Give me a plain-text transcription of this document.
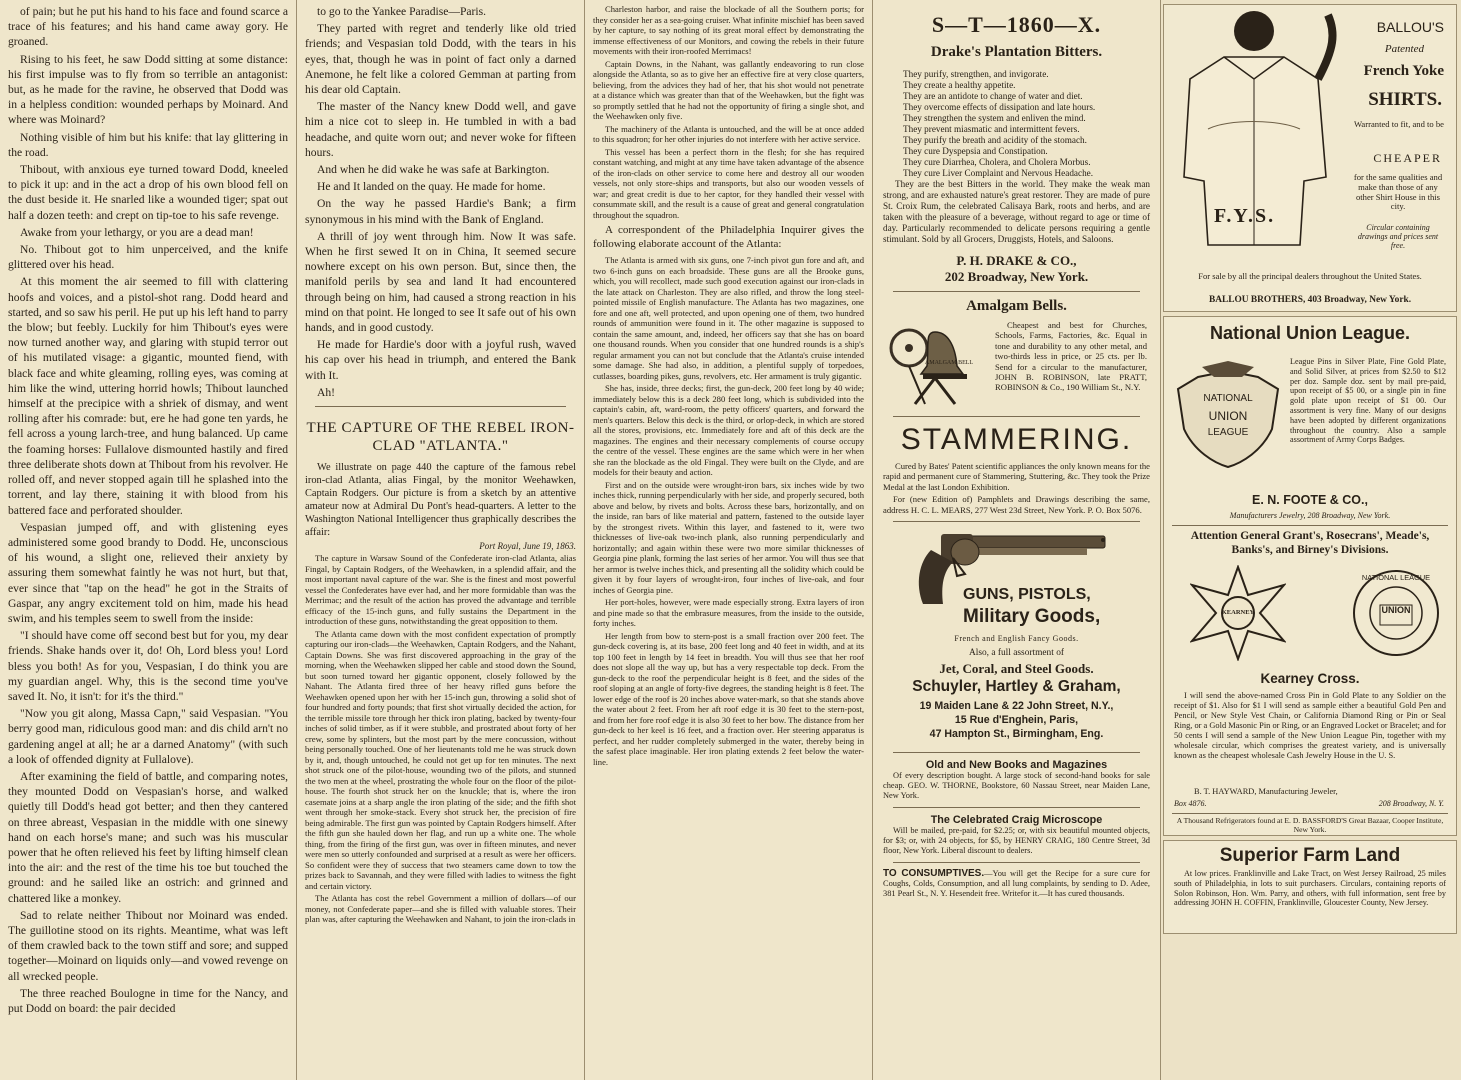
of pain; but he put his hand to his face and found scarce a trace of his features; and his hand came away gory. He groaned.

Rising to his feet, he saw Dodd sitting at some distance: his first impulse was to fly from so terrible an antagonist: but, as he made for the ravine, he observed that Dodd was in a helpless condition: wounded perhaps by Moinard. And where was Moinard?

Nothing visible of him but his knife: that lay glittering in the road.

Thibout, with anxious eye turned toward Dodd, kneeled to pick it up: and in the act a drop of his own blood fell on the dust beside it. He snarled like a wounded tiger; spat out half a dozen teeth: and crept on tip-toe to his safe revenge.

Awake from your lethargy, or you are a dead man!

No. Thibout got to him unperceived, and the knife glittered over his head.

At this moment the air seemed to fill with clattering hoofs and voices, and a pistol-shot rang. Dodd heard and started, and so saw his peril. He put up his left hand to parry the blow; but feebly. Luckily for him Thibout's eyes were now turned another way, and glaring with stupid terror out of his mutilated visage: a gigantic, mounted fiend, with black face and white gleaming, rolling eyes, was coming at him like the wind, uttering horrid howls; Thibout launched himself at the precipice with a shriek of dismay, and went rolling after his comrade: but, ere he had gone ten yards, he fell across a young larch-tree, and hung balanced. Up came the foaming horses: Fullalove dismounted hastily and fired three deliberate shots down at Thibout from his revolver. He rolled off, and never stopped again till he splashed into the torrent, and lay there, staining it with blood from his battered face and perforated shoulder.

Vespasian jumped off, and with glistening eyes administered some good brandy to Dodd. He, unconscious of his wound, a slight one, relieved their anxiety by assuring them somewhat faintly he was not hurt, but that, ever since that "tap on the head" he got in the Straits of Gaspar, any angry excitement told on him, made his head swim, and his temples seem to swell from the inside:

"I should have come off second best but for you, my dear friends. Shake hands over it, do! Oh, Lord bless you! Lord bless you both! As for you, Vespasian, I do think you are my guardian angel. Why, this is the second time you've saved It. No, it isn't: for it's the third."

"Now you git along, Massa Capn," said Vespasian. "You berry good man, ridiculous good man: and dis child arn't no gardening angel at all; he ar a darned Anatomy" (with such a look of offended dignity at Fullalove).

After examining the field of battle, and comparing notes, they mounted Dodd on Vespasian's horse, and walked quietly till Dodd's head got better; and then they cantered on three abreast, Vespasian in the middle with one sinewy hand on each horse's mane; and such was his muscular power that he often relieved his feet by lifting himself clean into the air: and the rest of the time his toe but touched the ground: and he sailed like an ostrich: and grinned and chattered like a monkey.

Sad to relate neither Thibout nor Moinard was ended. The guillotine stood on its rights. Meantime, what was left of them crawled back to the town stiff and sore; and supped together—Moinard on liquids only—and vowed revenge on all wrecked people.

The three reached Boulogne in time for the Nancy, and put Dodd on board: the pair decided

to go to the Yankee Paradise—Paris.

They parted with regret and tenderly like old tried friends; and Vespasian told Dodd, with the tears in his eyes, that, though he was in point of fact only a darned Anemone, he felt like a colored Gemman at parting from his dear old Captain.

The master of the Nancy knew Dodd well, and gave him a nice cot to sleep in. He tumbled in with a bad headache, and quite worn out; and never woke for fifteen hours.

And when he did wake he was safe at Barkington.

He and It landed on the quay. He made for home.

On the way he passed Hardie's Bank; a firm synonymous in his mind with the Bank of England.

A thrill of joy went through him. Now It was safe. When he first sewed It on in China, It seemed secure nowhere except on his own person. But, since then, the manifold perils by sea and land It had encountered through being on him, had caused a strong reaction in his mind on that point. He longed to see It safe out of his own hands, and in good custody.

He made for Hardie's door with a joyful rush, waved his cap over his head in triumph, and entered the Bank with It.

Ah!

THE CAPTURE OF THE REBEL IRON-CLAD "ATLANTA."

We illustrate on page 440 the capture of the famous rebel iron-clad Atlanta, alias Fingal, by the monitor Weehawken, Captain Rodgers. Our picture is from a sketch by an attentive amateur now at Admiral Du Pont's head-quarters. A letter to the Washington National Intelligencer thus graphically describes the affair:

Port Royal, June 19, 1863.

The capture in Warsaw Sound of the Confederate iron-clad Atlanta, alias Fingal, by Captain Rodgers, of the Weehawken, in a splendid affair, and the most important naval capture of the war. She is the finest and most powerful vessel the Confederates have ever had, and her more formidable than was the Merrimac; and the result of the action has proved the advantage and terrible efficacy of the 15-inch guns, and fully sustains the Department in the introduction of these guns, notwithstanding the great opposition to them.

The Atlanta came down with the most confident expectation of promptly capturing our iron-clads—the Weehawken, Captain Rodgers, and the Nahant, Captain Downs. She was first discovered approaching in the gray of the morning, when the Weehawken slipped her cable and stood down the Sound, but soon turned toward her gigantic opponent, closely followed by the Nahant. The Atlanta fired three of her heavy rifled guns before the Weehawken opened upon her with her 15-inch gun, throwing a solid shot of four hundred and forty pounds; that first shot virtually decided the action, for the terrible missile tore through her thick iron plating, backed by twenty-four inches of solid timber, as if it were stubble, and prostrated about forty of her crew, some by splinters, but the most part by the mere concussion, without being personally touched. One of her lieutenants told me he was struck down by it, and, though untouched, he could not get up for ten minutes. The next shot struck one of the pilot-house, wounding two of the pilots, and stunned the two men at the wheel, prostrating the whole four on the floor of the pilot-house. The fourth shot struck her on the knuckle; that is, where the iron casemate joins at a sharp angle the iron plating of the side; and the fifth shot went through her smoke-stack. Every shot struck her, the precision of fire being admirable. The first gun was pointed by Captain Rodgers himself. After the fifth gun she hauled down her flag, and run up a white one. The whole thing, from the firing of the first gun, was over in fifteen minutes, and never were men so utterly confounded and surprised at a result as were her officers. So confident were they of success that two steamers came down to tow the prizes back to Savannah, and they were filled with ladies to witness the fight and certain victory.

The Atlanta has cost the rebel Government a million of dollars—of our money, not Confederate paper—and she is filled with valuable stores. Their plan was, after capturing the Weehawken and Nahant, to join the iron-clads in

Charleston harbor, and raise the blockade of all the Southern ports; for they consider her as a sea-going cruiser. What infinite mischief has been saved by her capture, to say nothing of its great moral effect by demonstrating the immense effectiveness of our Monitors, and cowing the rebels in their future movements with their iron-roofed Merrimacs!

Captain Downs, in the Nahant, was gallantly endeavoring to run close alongside the Atlanta, so as to give her an effective fire at very close quarters, believing, from the advices they had of her, that his shot would not penetrate at a distance which was greater than that of the Weehawken, but the fight was so promptly settled that he had not the opportunity of firing a single shot, and the Weehawken only five.

The machinery of the Atlanta is untouched, and the will be at once added to this squadron; for her other injuries do not interfere with her active service.

This vessel has been a perfect thorn in the flesh; for she has required constant watching, and might at any time have taken advantage of the absence of the iron-clads on other service to come here and destroy all our wooden vessels, not only store-ships and transports, but also our wooden vessels of war; and great credit is due to her captor, for they handled their vessel with consummate skill, and the result is a cause of great and general congratulation throughout the squadron.

A correspondent of the Philadelphia Inquirer gives the following elaborate account of the Atlanta:

The Atlanta is armed with six guns, one 7-inch pivot gun fore and aft, and two 6-inch guns on each broadside. These guns are all the Brooke guns, which, you will recollect, made such good execution against our iron-clads in the late attack on Charleston. They are also rifled, and throw the long steel-pointed missile of English manufacture. The Atlanta has two magazines, one fore and one aft, well protected, and upon opening one of them, two hundred rounds of ammunition were found in it. The other magazine is supposed to contain the same amount, and, indeed, her officers say that she has on board one thousand rounds. When you consider that one hundred rounds is a ship's regular armament you can not but conclude that the Atlanta's cruise intended some damage. She had also, in addition, a plentiful supply of torpedoes, cutlasses, boarding pikes, guns, revolvers, etc. Her armament is truly gigantic.

She has, inside, three decks; first, the gun-deck, 200 feet long by 40 wide; immediately below this is a deck 280 feet long, which is subdivided into the captain's cabin, aft, ward-room, the petty officers' quarters, and forward the men's quarters. Below this deck is the third, or orlop-deck, in which are stored all the stores, provisions, etc. Immediately fore and aft of this deck are the magazines. The engines and their necessary complements of course occupy the centre of the vessel. These engines are the same which were in her when she ran the blockade as the old Fingal. They were built on the Clyde, and are models for their beauty and action.

First and on the outside were wrought-iron bars, six inches wide by two inches thick, running perpendicularly with her side, and properly secured, both above and below, by rivets and bolts. Across these bars, horizontally, and on the inside, ran bars of like material and pattern, fastened to the outside layer by the strongest rivets. Within this layer, and fastened to it, were two thicknesses of live-oak two-inch plank, also running perpendicularly and horizontally; and again within these were two more similar thicknesses of Georgia pine plank, forming the last series of her armor. You will thus see that her armor is twelve inches thick, and presenting all the solidity which could be given it by four layers of wrought-iron, four inches of live-oak, and four inches of Georgia pine.

Her port-holes, however, were made especially strong. Extra layers of iron and pine made so that the embrasure measures, from the inside to the outside, forty inches.

Her length from bow to stern-post is a small fraction over 200 feet. The gun-deck covering is, at its base, 200 feet long and 40 feet in width, and at its top 100 feet in length by 14 feet in breadth. You will thus see that her roof does not slope all the way up, but has a very respectable top deck. From the gun-deck to the roof the perpendicular height is 8 feet, and the sides of the roof sloping at an angle of forty-five degrees, the standing height is 8 feet. The lower edge of the roof is 20 inches above water-mark, so that she stands above the water about 2 feet. From her aft roof edge it is 30 feet to the stern-post, and from her fore roof edge it is also 30 feet to her bow. The distance from her gun-deck to her keel is 16 feet, and a fraction over. Her steering apparatus is perfect, and her rudder completely submerged in the water, thereby being in the safest place imaginable. Her iron plating extends 2 feet below the water-line.

S—T—1860—X.
Drake's Plantation Bitters.
They purify, strengthen, and invigorate.
They create a healthy appetite.
They are an antidote to change of water and diet.
They overcome effects of dissipation and late hours.
They strengthen the system and enliven the mind.
They prevent miasmatic and intermittent fevers.
They purify the breath and acidity of the stomach.
They cure Dyspepsia and Constipation.
They cure Diarrhea, Cholera, and Cholera Morbus.
They cure Liver Complaint and Nervous Headache.

They are the best Bitters in the world. They make the weak man strong, and are exhausted nature's great restorer. They are made of pure St. Croix Rum, the celebrated Calisaya Bark, roots and herbs, and are taken with the pleasure of a beverage, without regard to age or time of day. Particularly recommended to delicate persons requiring a gentle stimulant. Sold by all Grocers, Druggists, Hotels, and Saloons.

P. H. DRAKE & CO.,
202 Broadway, New York.
Amalgam Bells.
AMALGAM BELL

Cheapest and best for Churches, Schools, Farms, Factories, &c. Equal in tone and durability to any other metal, and two-thirds less in price, or 25 cts. per lb. Send for a circular to the manufacturer, JOHN B. ROBINSON, late PRATT, ROBINSON & Co., 190 William St., N.Y.

STAMMERING.

Cured by Bates' Patent scientific appliances the only known means for the rapid and permanent cure of Stammering, Stuttering, &c. They took the Prize Medal at the last London Exhibition.

For (new Edition of) Pamphlets and Drawings describing the same, address H. C. L. MEARS, 277 West 23d Street, New York. P. O. Box 5076.

GUNS, PISTOLS,
Military Goods,
French and English Fancy Goods.
Also, a full assortment of
Jet, Coral, and Steel Goods.
Schuyler, Hartley & Graham,
19 Maiden Lane & 22 John Street, N.Y.,
15 Rue d'Enghein, Paris,
47 Hampton St., Birmingham, Eng.
Old and New Books and Magazines

Of every description bought. A large stock of second-hand books for sale cheap. GEO. W. THORNE, Bookstore, 60 Nassau Street, near Maiden Lane, New York.

The Celebrated Craig Microscope

Will be mailed, pre-paid, for $2.25; or, with six beautiful mounted objects, for $3; or, with 24 objects, for $5, by HENRY CRAIG, 180 Centre Street, 3d floor, New York. Liberal discount to dealers.

TO CONSUMPTIVES.—You will get the Recipe for a sure cure for Coughs, Colds, Consumption, and all lung complaints, by sending to D. Adee, 381 Pearl St., N. Y. Hesendeit free. Writefor it.—It has cured thousands.
F.Y.S.
BALLOU'S
Patented
French Yoke
SHIRTS.
Warranted to fit, and to be
CHEAPER
for the same qualities and make than those of any other Shirt House in this city.
Circular containing drawings and prices sent free.
For sale by all the principal dealers throughout the United States.
BALLOU BROTHERS, 403 Broadway, New York.
National Union League.
NATIONAL
UNION
LEAGUE

League Pins in Silver Plate, Fine Gold Plate, and Solid Silver, at prices from $2.50 to $12 per doz. Sample doz. sent by mail pre-paid, upon receipt of $5 00, or a single pin in fine gold plate upon receipt of $1 00. Our assortment is very fine. Many of our designs have been adopted by different organizations throughout the country. Also a sample assortment of Army Corps Badges.

E. N. FOOTE & CO.,
Manufacturers Jewelry, 208 Broadway, New York.
Attention General Grant's, Rosecrans', Meade's, Banks's, and Birney's Divisions.
KEARNEY
NATIONAL LEAGUE
UNION
Kearney Cross.

I will send the above-named Cross Pin in Gold Plate to any Soldier on the receipt of $1. Also for $1 I will send as sample either a beautiful Gold Pen and Pencil, or New Style Vest Chain, or California Diamond Ring or Pin or Seal Ring, or a Gold Masonic Pin or Ring, or an Engraved Locket or Bracelet; and for 50 cents I will send a sample of the New Union League Pin, together with my wholesale circular, which comprises the greatest variety, and is universally known as the cheapest wholesale Cash Jewelry House in the U. S.

B. T. HAYWARD, Manufacturing Jeweler,
Box 4876.	208 Broadway, N. Y.
A Thousand Refrigerators found at E. D. BASSFORD'S Great Bazaar, Cooper Institute, New York.
Superior Farm Land

At low prices. Franklinville and Lake Tract, on West Jersey Railroad, 25 miles south of Philadelphia, in lots to suit purchasers. Circulars, containing reports of Solon Robinson, Hon. Wm. Parry, and others, with full information, sent free by addressing JOHN H. COFFIN, Franklinville, Gloucester County, New Jersey.
